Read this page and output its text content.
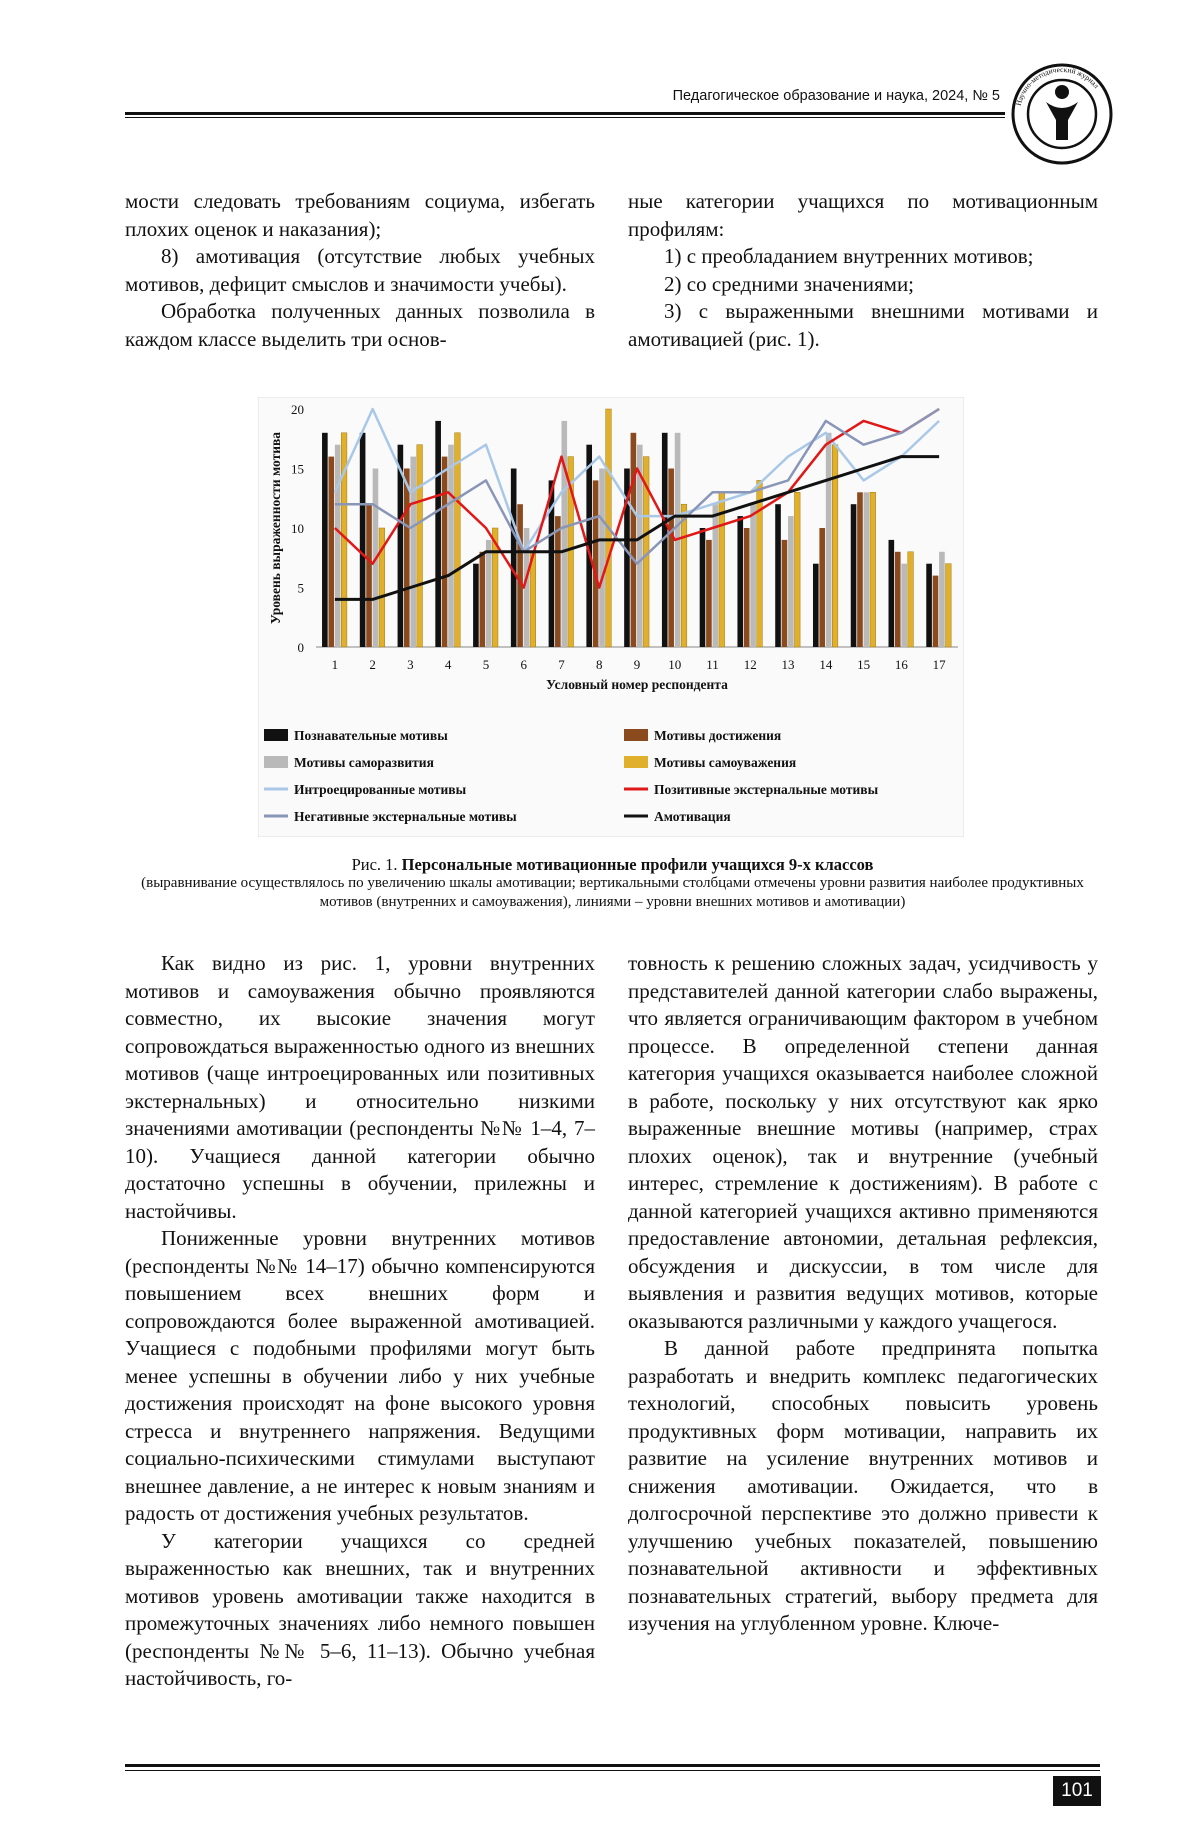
Педагогическое образование и наука, 2024, № 5 Научно-методический журнал

мости следовать требованиям социума, избегать плохих оценок и наказания);

8) амотивация (отсутствие любых учебных мотивов, дефицит смыслов и значимости учебы).

Обработка полученных данных позволила в каждом классе выделить три основ-

ные категории учащихся по мотивационным профилям:

1) с преобладанием внутренних мотивов;

2) со средними значениями;

3) с выраженными внешними мотивами и амотивацией (рис. 1).

0
5
10
15
20
Уровень выраженности мотива
1 2 3 4 5 6 7 8 9 10 11 12 13 14 15 16 17
Условный номер респондента
Познавательные мотивы	Мотивы достижения
Мотивы саморазвития	Мотивы самоуважения
Интроецированные мотивы	Позитивные экстернальные мотивы
Негативные экстернальные мотивы	Амотивация
Рис. 1. Персональные мотивационные профили учащихся 9-х классов
(выравнивание осуществлялось по увеличению шкалы амотивации; вертикальными столбцами отмечены уровни развития наиболее продуктивных мотивов (внутренних и самоуважения), линиями – уровни внешних мотивов и амотивации)

Как видно из рис. 1, уровни внутренних мотивов и самоуважения обычно проявляются совместно, их высокие значения могут сопровождаться выраженностью одного из внешних мотивов (чаще интроецированных или позитивных экстернальных) и относительно низкими значениями амотивации (респонденты №№ 1–4, 7–10). Учащиеся данной категории обычно достаточно успешны в обучении, прилежны и настойчивы.

Пониженные уровни внутренних мотивов (респонденты №№ 14–17) обычно компенсируются повышением всех внешних форм и сопровождаются более выраженной амотивацией. Учащиеся с подобными профилями могут быть менее успешны в обучении либо у них учебные достижения происходят на фоне высокого уровня стресса и внутреннего напряжения. Ведущими социально-психическими стимулами выступают внешнее давление, а не интерес к новым знаниям и радость от достижения учебных результатов.

У категории учащихся со средней выраженностью как внешних, так и внутренних мотивов уровень амотивации также находится в промежуточных значениях либо немного повышен (респонденты №№ 5–6, 11–13). Обычно учебная настойчивость, го-

товность к решению сложных задач, усидчивость у представителей данной категории слабо выражены, что является ограничивающим фактором в учебном процессе. В определенной степени данная категория учащихся оказывается наиболее сложной в работе, поскольку у них отсутствуют как ярко выраженные внешние мотивы (например, страх плохих оценок), так и внутренние (учебный интерес, стремление к достижениям). В работе с данной категорией учащихся активно применяются предоставление автономии, детальная рефлексия, обсуждения и дискуссии, в том числе для выявления и развития ведущих мотивов, которые оказываются различными у каждого учащегося.

В данной работе предпринята попытка разработать и внедрить комплекс педагогических технологий, способных повысить уровень продуктивных форм мотивации, направить их развитие на усиление внутренних мотивов и снижения амотивации. Ожидается, что в долгосрочной перспективе это должно привести к улучшению учебных показателей, повышению познавательной активности и эффективных познавательных стратегий, выбору предмета для изучения на углубленном уровне. Ключе-

101
